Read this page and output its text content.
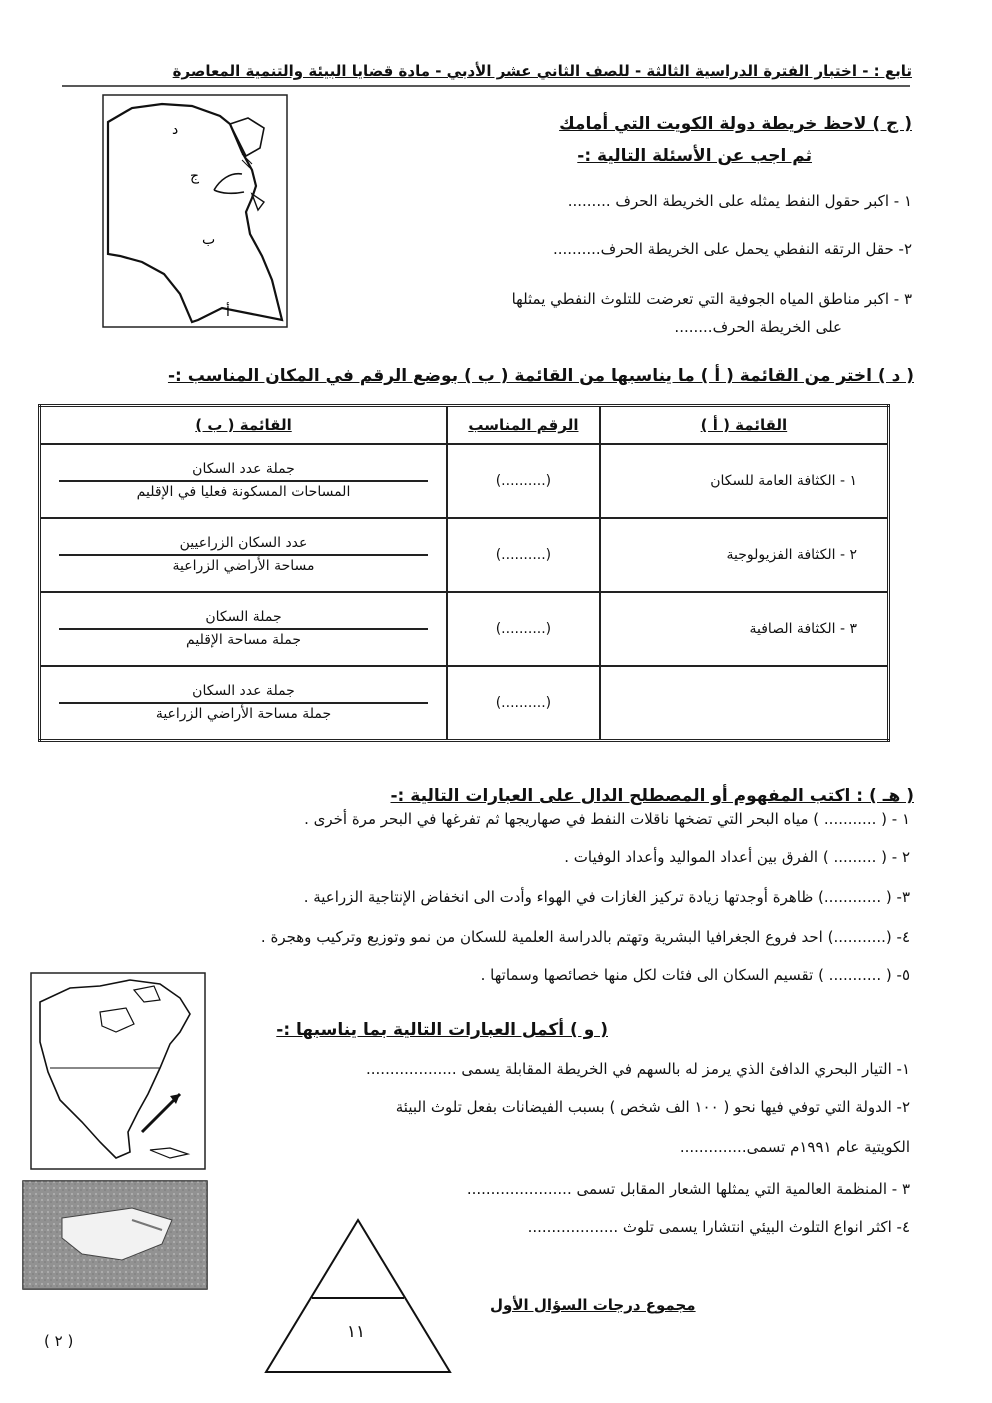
تابع : - اختبار الفترة الدراسية الثالثة - للصف الثاني عشر الأدبي - مادة قضايا البيئة والتنمية المعاصرة
د
ج
ب
أ
( ج ) لاحظ خريطة دولة الكويت التي أمامك
ثم اجب عن الأسئلة التالية :-
١ - اكبر حقول النفط يمثله على الخريطة الحرف .........
٢- حقل الرتقه النفطي يحمل على الخريطة الحرف..........
٣ - اكبر مناطق المياه الجوفية التي تعرضت للتلوث النفطي يمثلها
على الخريطة الحرف........
( د ) اختر من القائمة ( أ ) ما يناسبها من القائمة ( ب ) بوضع الرقم في المكان المناسب :-
القائمة ( ب )	الرقم المناسب	القائمة ( أ )
جملة عدد السكان
المساحات المسكونة فعليا في الإقليم	(..........)	١ - الكثافة العامة للسكان
عدد السكان الزراعيين
مساحة الأراضي الزراعية	(..........)	٢ - الكثافة الفزيولوجية
جملة السكان
جملة مساحة الإقليم	(..........)	٣ - الكثافة الصافية
جملة عدد السكان
جملة مساحة الأراضي الزراعية	(..........)	
( هـ ) : اكتب المفهوم أو المصطلح الدال على العبارات التالية :-
١ - ( ........... ) مياه البحر التي تضخها ناقلات النفط في صهاريجها ثم تفرغها في البحر مرة أخرى .
٢ - ( ......... ) الفرق بين أعداد المواليد وأعداد الوفيات .
٣- ( ............) ظاهرة أوجدتها زيادة تركيز الغازات في الهواء وأدت الى انخفاض الإنتاجية الزراعية .
٤- (...........) احد فروع الجغرافيا البشرية وتهتم بالدراسة العلمية للسكان من نمو وتوزيع وتركيب وهجرة .
٥- ( ........... ) تقسيم السكان الى فئات لكل منها خصائصها وسماتها .
( و ) أكمل العبارات التالية بما يناسبها :-
١- التيار البحري الدافئ الذي يرمز له بالسهم في الخريطة المقابلة يسمى ...................
٢- الدولة التي توفي فيها نحو ( ١٠٠ الف شخص ) بسبب الفيضانات بفعل تلوث البيئة
الكويتية عام ١٩٩١م تسمى..............
٣ - المنظمة العالمية التي يمثلها الشعار المقابل تسمى ......................
٤- اكثر انواع التلوث البيئي انتشارا يسمى تلوث ...................
١١
مجموع درجات السؤال الأول
( ٢ )
